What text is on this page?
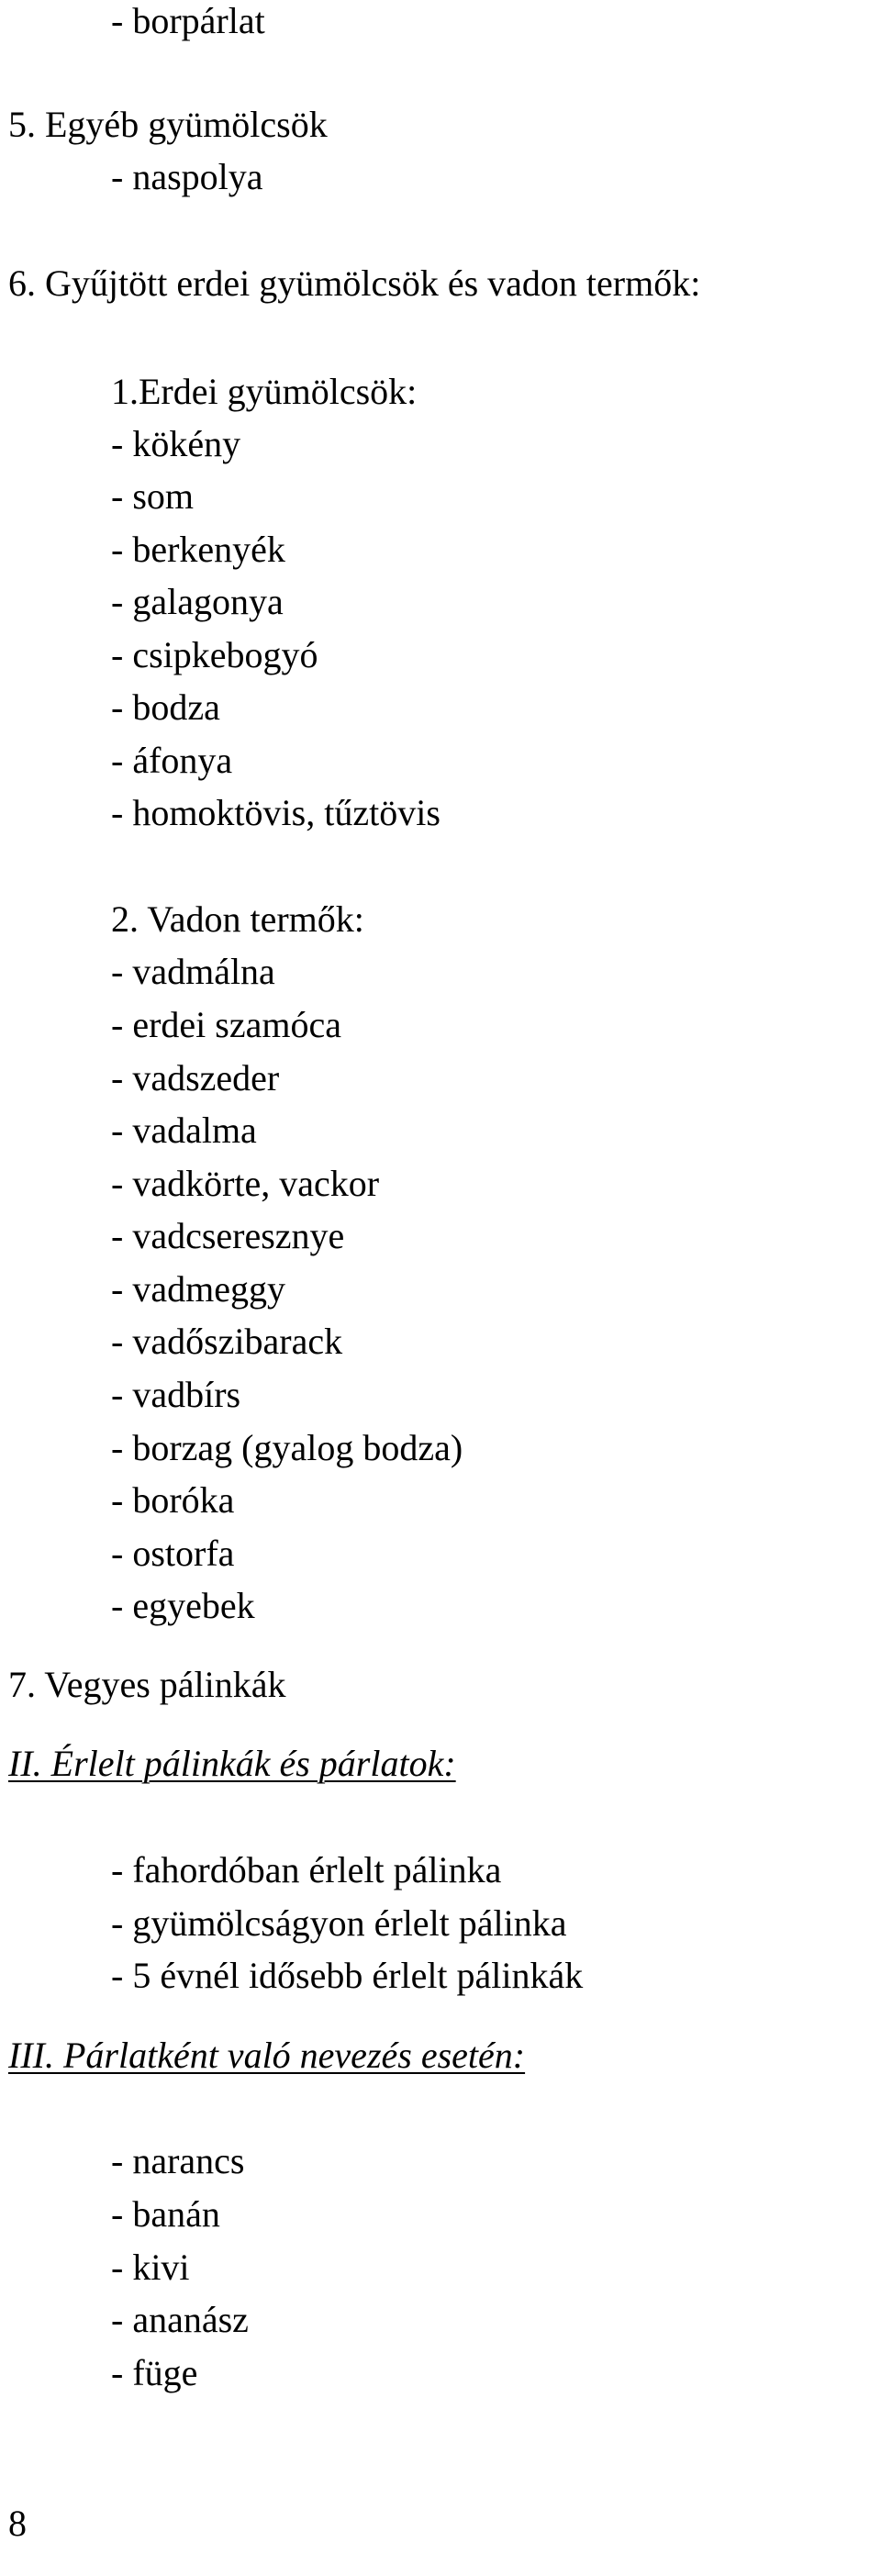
- borpárlat

5. Egyéb gyümölcsök

- naspolya

6. Gyűjtött erdei gyümölcsök és vadon termők:

1.Erdei gyümölcsök:

- kökény

- som

- berkenyék

- galagonya

- csipkebogyó

- bodza

- áfonya

- homoktövis, tűztövis

2. Vadon termők:

- vadmálna

- erdei szamóca

- vadszeder

- vadalma

- vadkörte, vackor

- vadcseresznye

- vadmeggy

- vadőszibarack

- vadbírs

- borzag (gyalog bodza)

- boróka

- ostorfa

- egyebek

7. Vegyes pálinkák

II. Érlelt pálinkák és párlatok:

- fahordóban érlelt pálinka

- gyümölcságyon érlelt pálinka

- 5 évnél idősebb érlelt pálinkák

III. Párlatként való nevezés esetén:

- narancs

- banán

- kivi

- ananász

- füge

8
